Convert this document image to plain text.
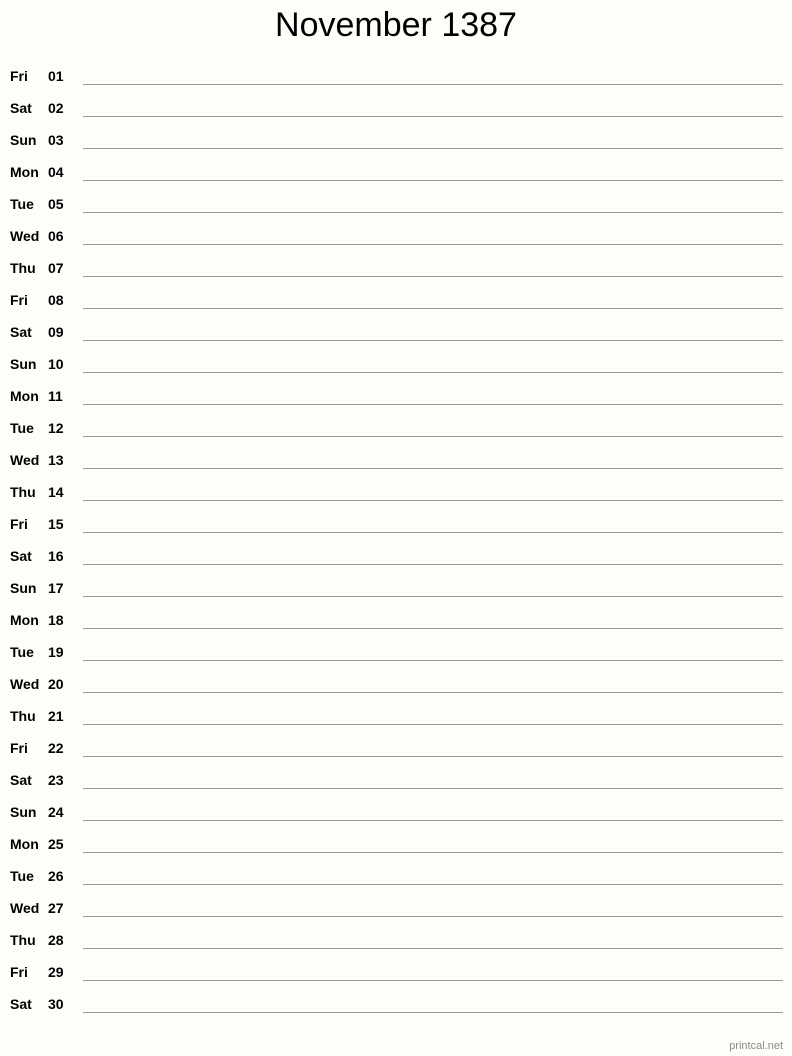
November 1387
Fri 01
Sat 02
Sun 03
Mon 04
Tue 05
Wed 06
Thu 07
Fri 08
Sat 09
Sun 10
Mon 11
Tue 12
Wed 13
Thu 14
Fri 15
Sat 16
Sun 17
Mon 18
Tue 19
Wed 20
Thu 21
Fri 22
Sat 23
Sun 24
Mon 25
Tue 26
Wed 27
Thu 28
Fri 29
Sat 30
printcal.net
